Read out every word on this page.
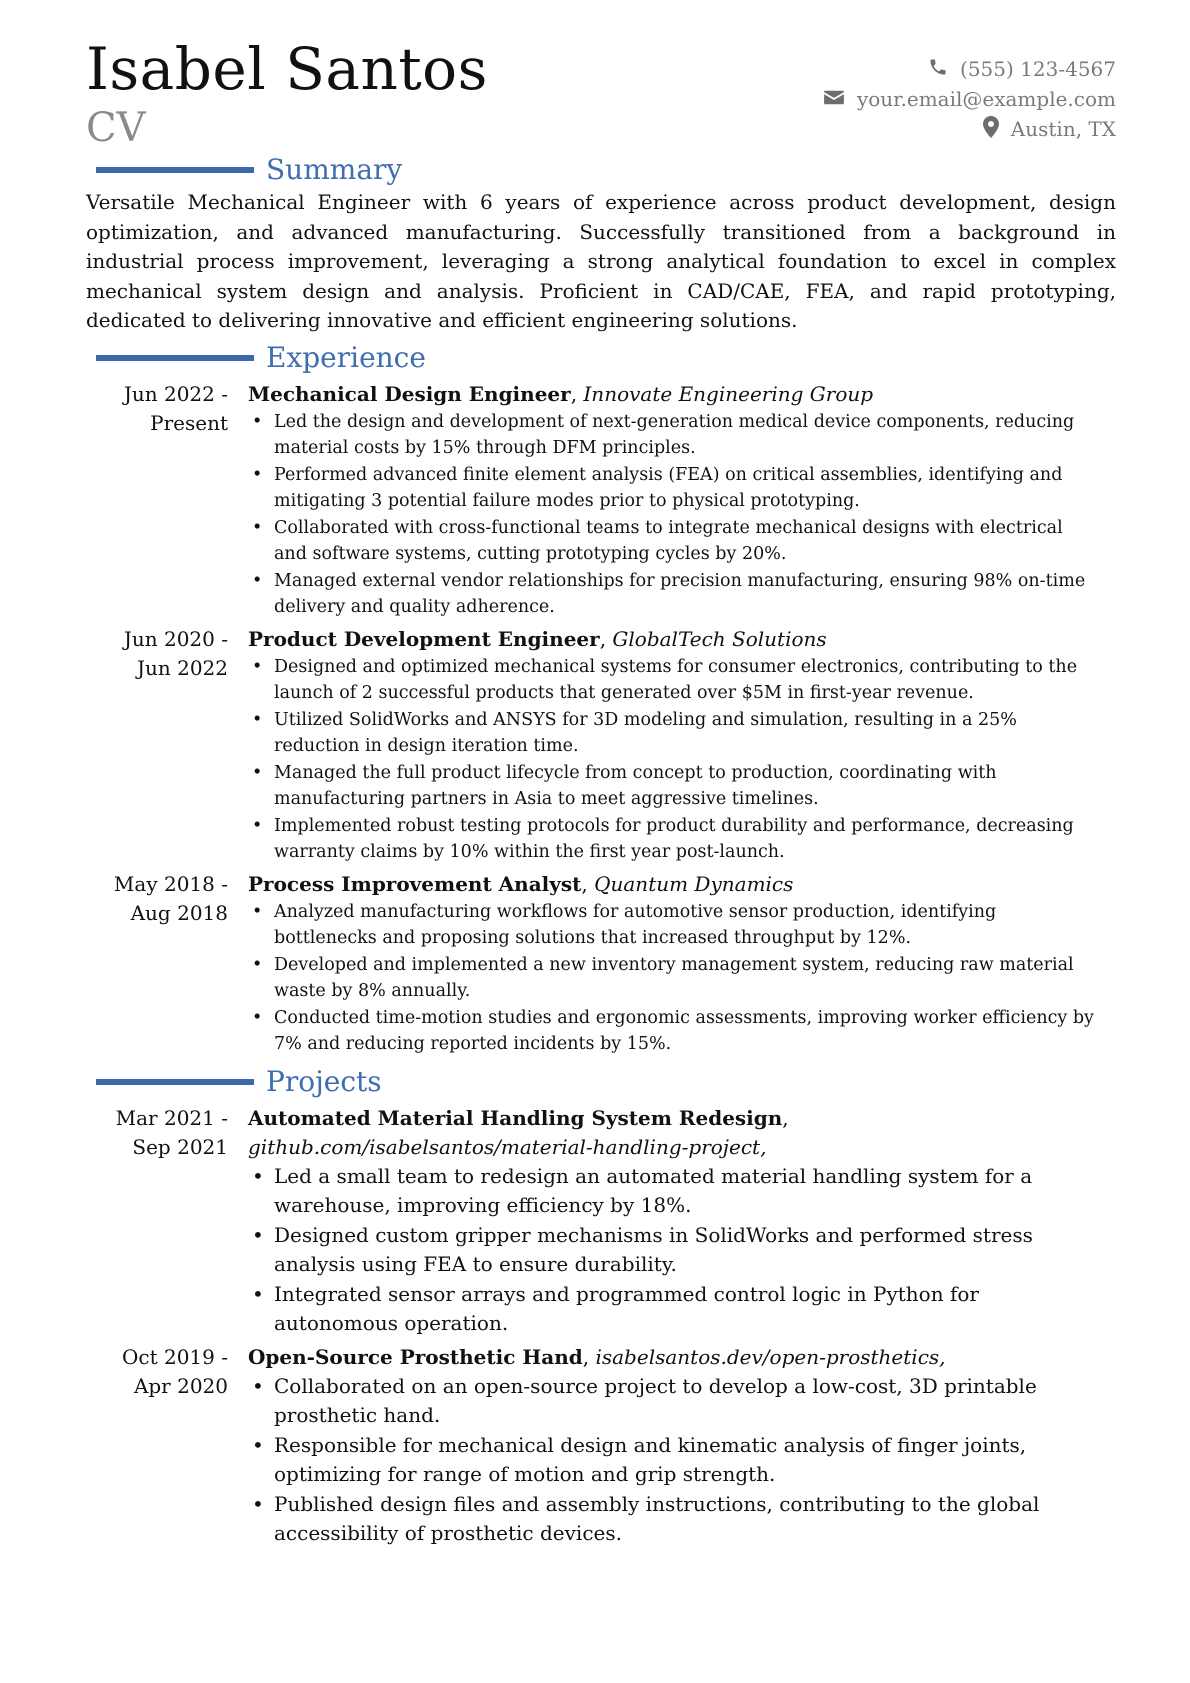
Isabel Santos
CV
(555) 123-4567
your.email@example.com
Austin, TX
Summary

Versatile Mechanical Engineer with 6 years of experience across product development, design optimization, and advanced manufacturing. Successfully transitioned from a background in industrial process improvement, leveraging a strong analytical foundation to excel in complex mechanical system design and analysis. Proficient in CAD/CAE, FEA, and rapid prototyping, dedicated to delivering innovative and efficient engineering solutions.

Experience
Jun 2022 - Present
Mechanical Design Engineer, Innovate Engineering Group
• Led the design and development of next-generation medical device components, reducing material costs by 15% through DFM principles.
• Performed advanced finite element analysis (FEA) on critical assemblies, identifying and mitigating 3 potential failure modes prior to physical prototyping.
• Collaborated with cross-functional teams to integrate mechanical designs with electrical and software systems, cutting prototyping cycles by 20%.
• Managed external vendor relationships for precision manufacturing, ensuring 98% on-time delivery and quality adherence.
Jun 2020 - Jun 2022
Product Development Engineer, GlobalTech Solutions
• Designed and optimized mechanical systems for consumer electronics, contributing to the launch of 2 successful products that generated over $5M in first-year revenue.
• Utilized SolidWorks and ANSYS for 3D modeling and simulation, resulting in a 25% reduction in design iteration time.
• Managed the full product lifecycle from concept to production, coordinating with manufacturing partners in Asia to meet aggressive timelines.
• Implemented robust testing protocols for product durability and performance, decreasing warranty claims by 10% within the first year post-launch.
May 2018 - Aug 2018
Process Improvement Analyst, Quantum Dynamics
• Analyzed manufacturing workflows for automotive sensor production, identifying bottlenecks and proposing solutions that increased throughput by 12%.
• Developed and implemented a new inventory management system, reducing raw material waste by 8% annually.
• Conducted time-motion studies and ergonomic assessments, improving worker efficiency by 7% and reducing reported incidents by 15%.
Projects
Mar 2021 - Sep 2021
Automated Material Handling System Redesign, github.com/isabelsantos/material-handling-project,
• Led a small team to redesign an automated material handling system for a warehouse, improving efficiency by 18%.
• Designed custom gripper mechanisms in SolidWorks and performed stress analysis using FEA to ensure durability.
• Integrated sensor arrays and programmed control logic in Python for autonomous operation.
Oct 2019 - Apr 2020
Open-Source Prosthetic Hand, isabelsantos.dev/open-prosthetics,
• Collaborated on an open-source project to develop a low-cost, 3D printable prosthetic hand.
• Responsible for mechanical design and kinematic analysis of finger joints, optimizing for range of motion and grip strength.
• Published design files and assembly instructions, contributing to the global accessibility of prosthetic devices.
